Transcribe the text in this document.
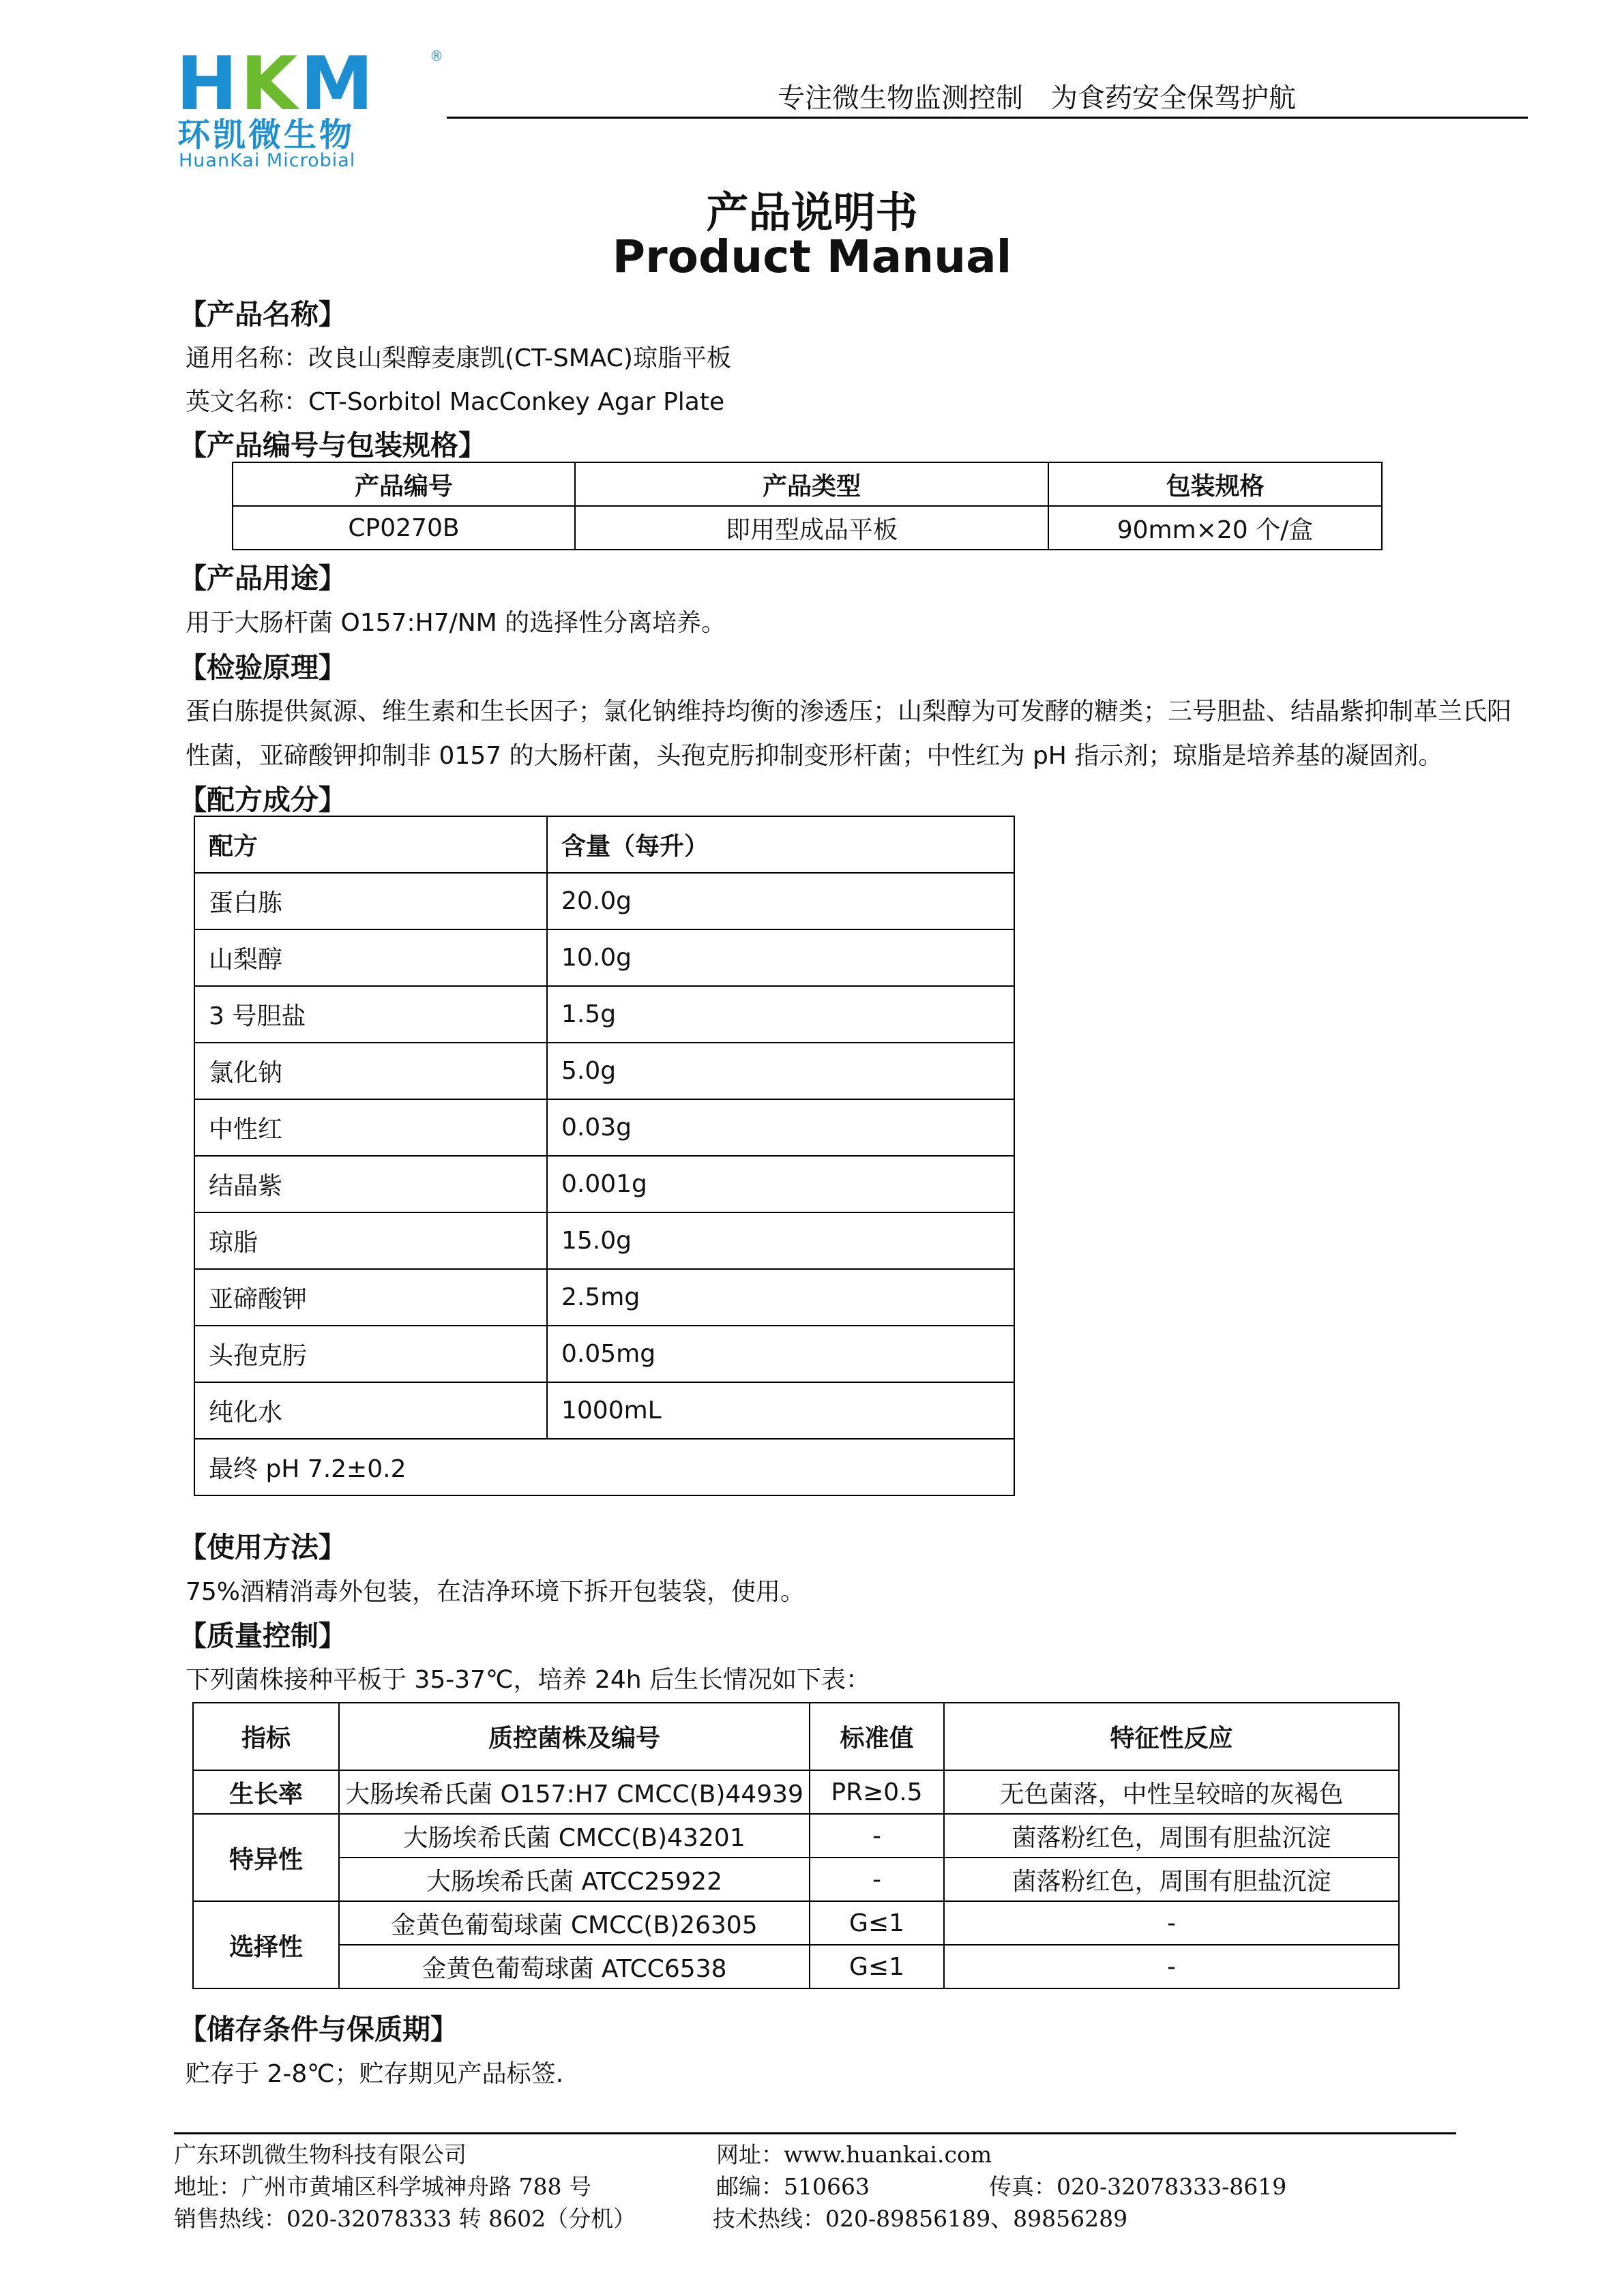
HKM	®
环凯微生物
HuanKai Microbial
专注微生物监测控制　为食药安全保驾护航
产品说明书
Product Manual
【产品名称】
通用名称：改良山梨醇麦康凯(CT-SMAC)琼脂平板
英文名称：CT-Sorbitol MacConkey Agar Plate
【产品编号与包装规格】
产品编号	产品类型	包装规格
CP0270B	即用型成品平板	90mm×20 个/盒
【产品用途】
用于大肠杆菌 O157:H7/NM 的选择性分离培养。
【检验原理】
蛋白胨提供氮源、维生素和生长因子；氯化钠维持均衡的渗透压；山梨醇为可发酵的糖类；三号胆盐、结晶紫抑制革兰氏阳
性菌，亚碲酸钾抑制非 0157 的大肠杆菌，头孢克肟抑制变形杆菌；中性红为 pH 指示剂；琼脂是培养基的凝固剂。
【配方成分】
配方	含量（每升）
蛋白胨	20.0g
山梨醇	10.0g
3 号胆盐	1.5g
氯化钠	5.0g
中性红	0.03g
结晶紫	0.001g
琼脂	15.0g
亚碲酸钾	2.5mg
头孢克肟	0.05mg
纯化水	1000mL
最终 pH 7.2±0.2	
【使用方法】
75%酒精消毒外包装，在洁净环境下拆开包装袋，使用。
【质量控制】
下列菌株接种平板于 35-37℃，培养 24h 后生长情况如下表：
指标	质控菌株及编号	标准值	特征性反应
生长率	大肠埃希氏菌 O157:H7 CMCC(B)44939	PR≥0.5	无色菌落，中性呈较暗的灰褐色
特异性	大肠埃希氏菌 CMCC(B)43201	-	菌落粉红色，周围有胆盐沉淀
	大肠埃希氏菌 ATCC25922	-	菌落粉红色，周围有胆盐沉淀
选择性	金黄色葡萄球菌 CMCC(B)26305	G≤1	-
	金黄色葡萄球菌 ATCC6538	G≤1	-
【储存条件与保质期】
贮存于 2-8℃；贮存期见产品标签.
广东环凯微生物科技有限公司	网址：www.huankai.com
地址：广州市黄埔区科学城神舟路 788 号	邮编：510663	传真：020-32078333-8619
销售热线：020-32078333 转 8602（分机）	技术热线：020-89856189、89856289
